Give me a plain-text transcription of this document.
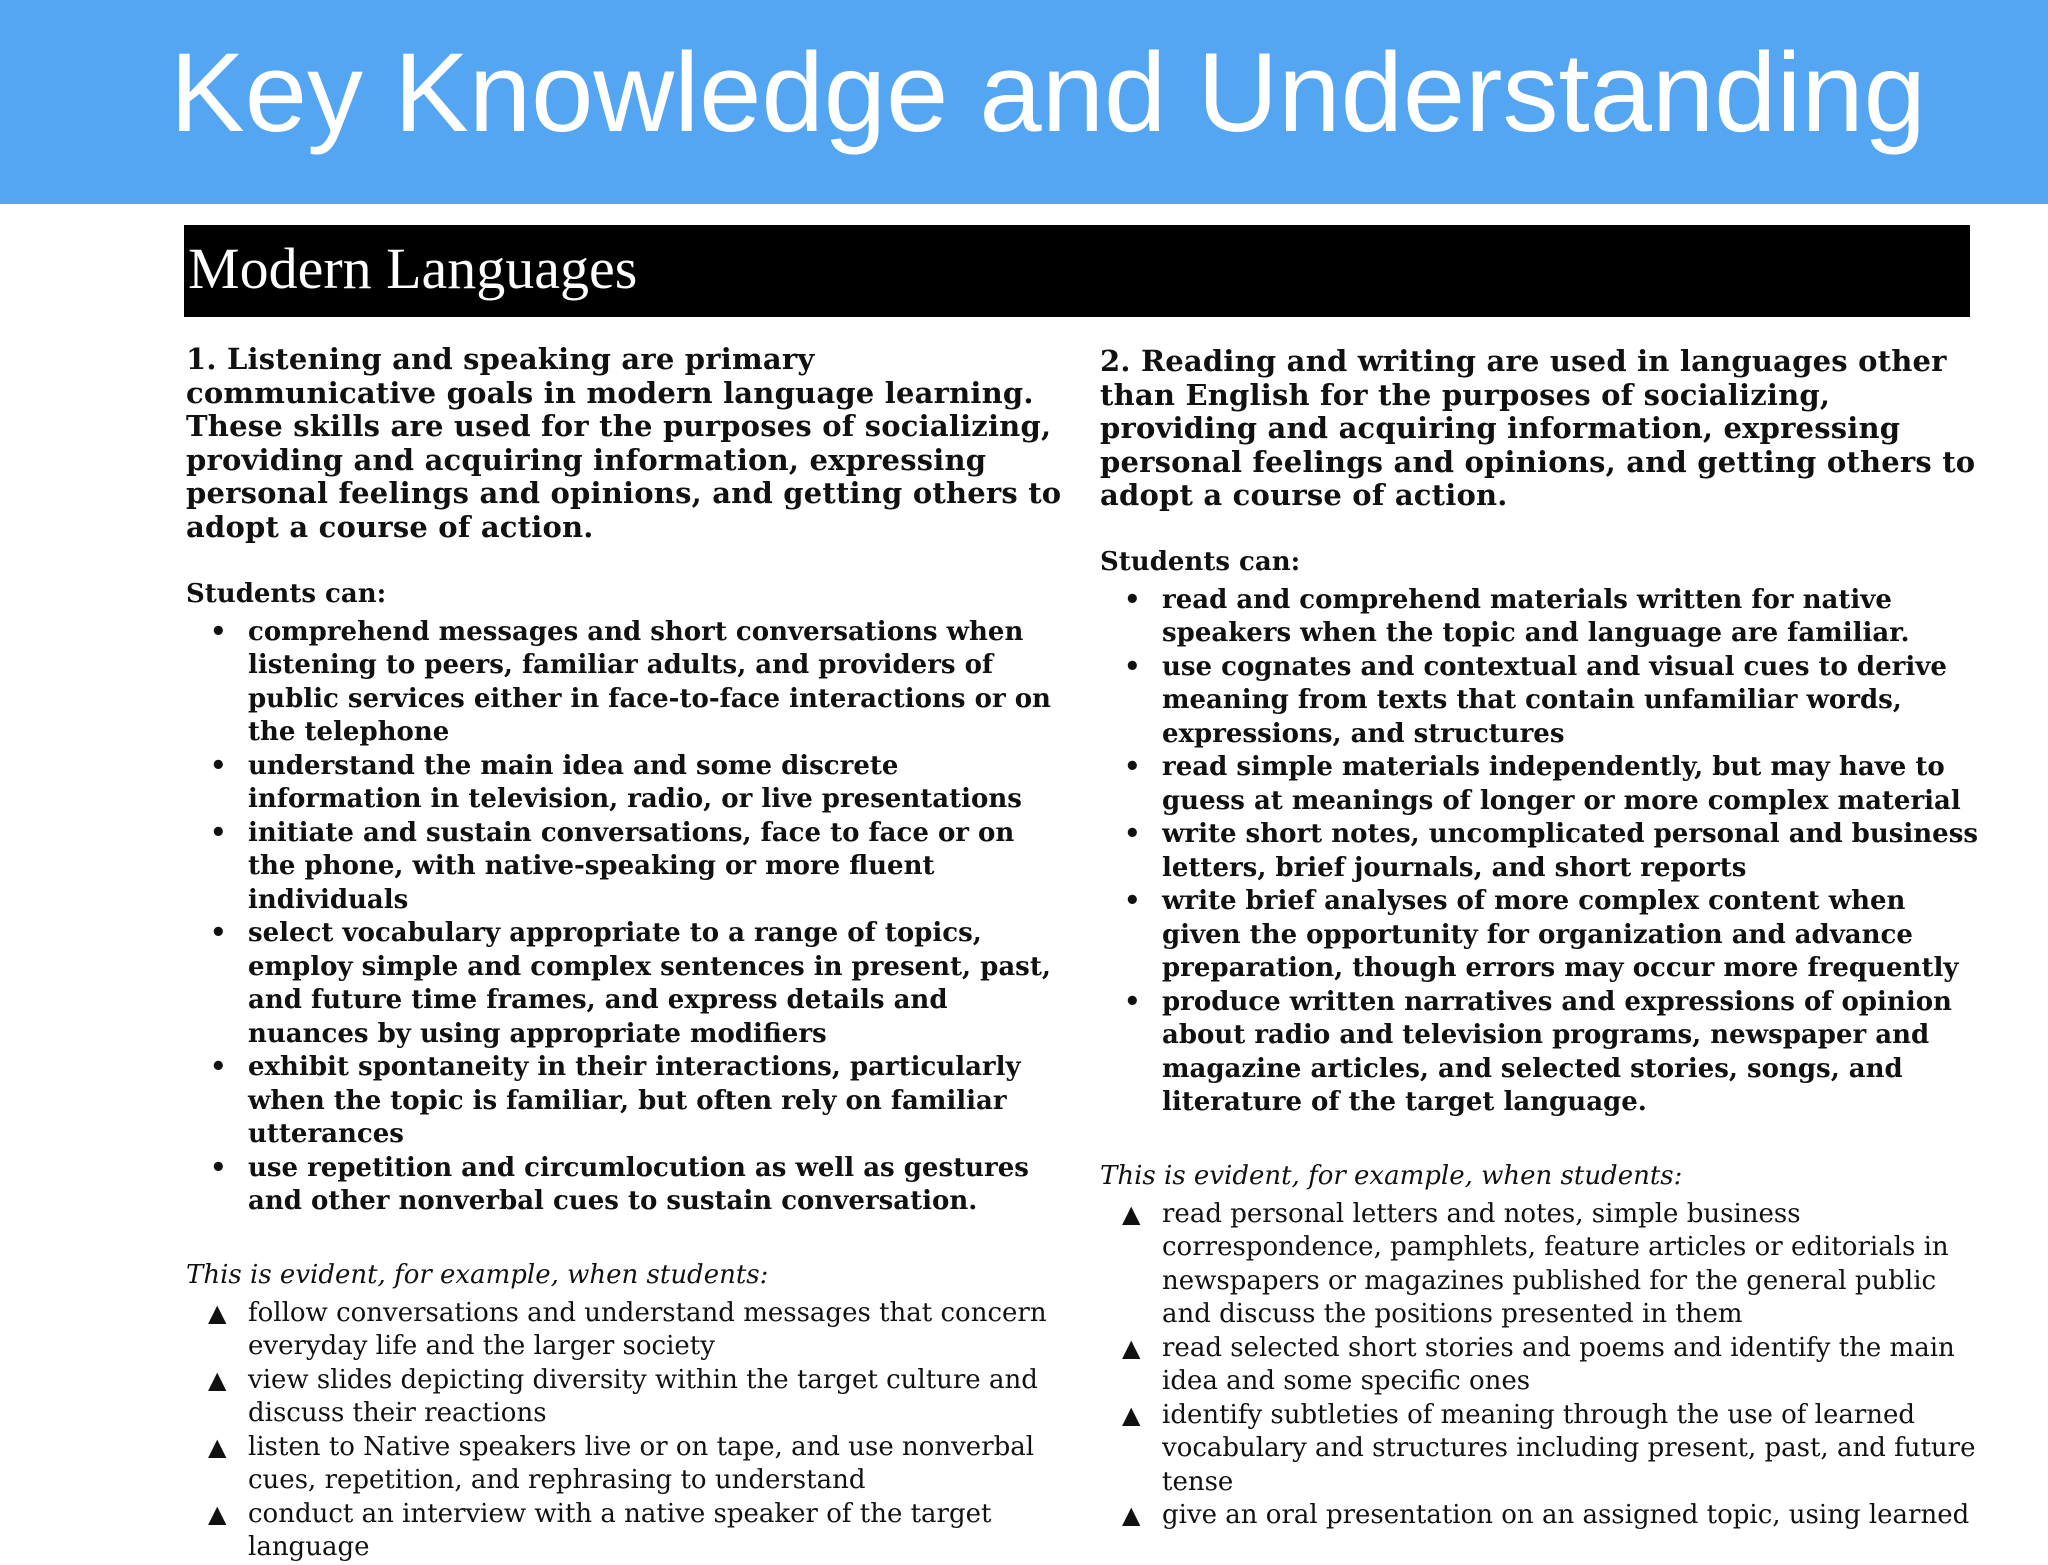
Key Knowledge and Understanding
Modern Languages

1. Listening and speaking are primary communicative goals in modern language learning. These skills are used for the purposes of socializing, providing and acquiring information, expressing personal feelings and opinions, and getting others to adopt a course of action.

Students can:

• comprehend messages and short conversations when listening to peers, familiar adults, and providers of public services either in face-to-face interactions or on the telephone
• understand the main idea and some discrete information in television, radio, or live presentations
• initiate and sustain conversations, face to face or on the phone, with native-speaking or more fluent individuals
• select vocabulary appropriate to a range of topics, employ simple and complex sentences in present, past, and future time frames, and express details and nuances by using appropriate modifiers
• exhibit spontaneity in their interactions, particularly when the topic is familiar, but often rely on familiar utterances
• use repetition and circumlocution as well as gestures and other nonverbal cues to sustain conversation.

This is evident, for example, when students:

▲ follow conversations and understand messages that concern everyday life and the larger society
▲ view slides depicting diversity within the target culture and discuss their reactions
▲ listen to Native speakers live or on tape, and use nonverbal cues, repetition, and rephrasing to understand
▲ conduct an interview with a native speaker of the target language

2. Reading and writing are used in languages other than English for the purposes of socializing, providing and acquiring information, expressing personal feelings and opinions, and getting others to adopt a course of action.

Students can:

• read and comprehend materials written for native speakers when the topic and language are familiar.
• use cognates and contextual and visual cues to derive meaning from texts that contain unfamiliar words, expressions, and structures
• read simple materials independently, but may have to guess at meanings of longer or more complex material
• write short notes, uncomplicated personal and business letters, brief journals, and short reports
• write brief analyses of more complex content when given the opportunity for organization and advance preparation, though errors may occur more frequently
• produce written narratives and expressions of opinion about radio and television programs, newspaper and magazine articles, and selected stories, songs, and literature of the target language.

This is evident, for example, when students:

▲ read personal letters and notes, simple business correspondence, pamphlets, feature articles or editorials in newspapers or magazines published for the general public and discuss the positions presented in them
▲ read selected short stories and poems and identify the main idea and some specific ones
▲ identify subtleties of meaning through the use of learned vocabulary and structures including present, past, and future tense
▲ give an oral presentation on an assigned topic, using learned
